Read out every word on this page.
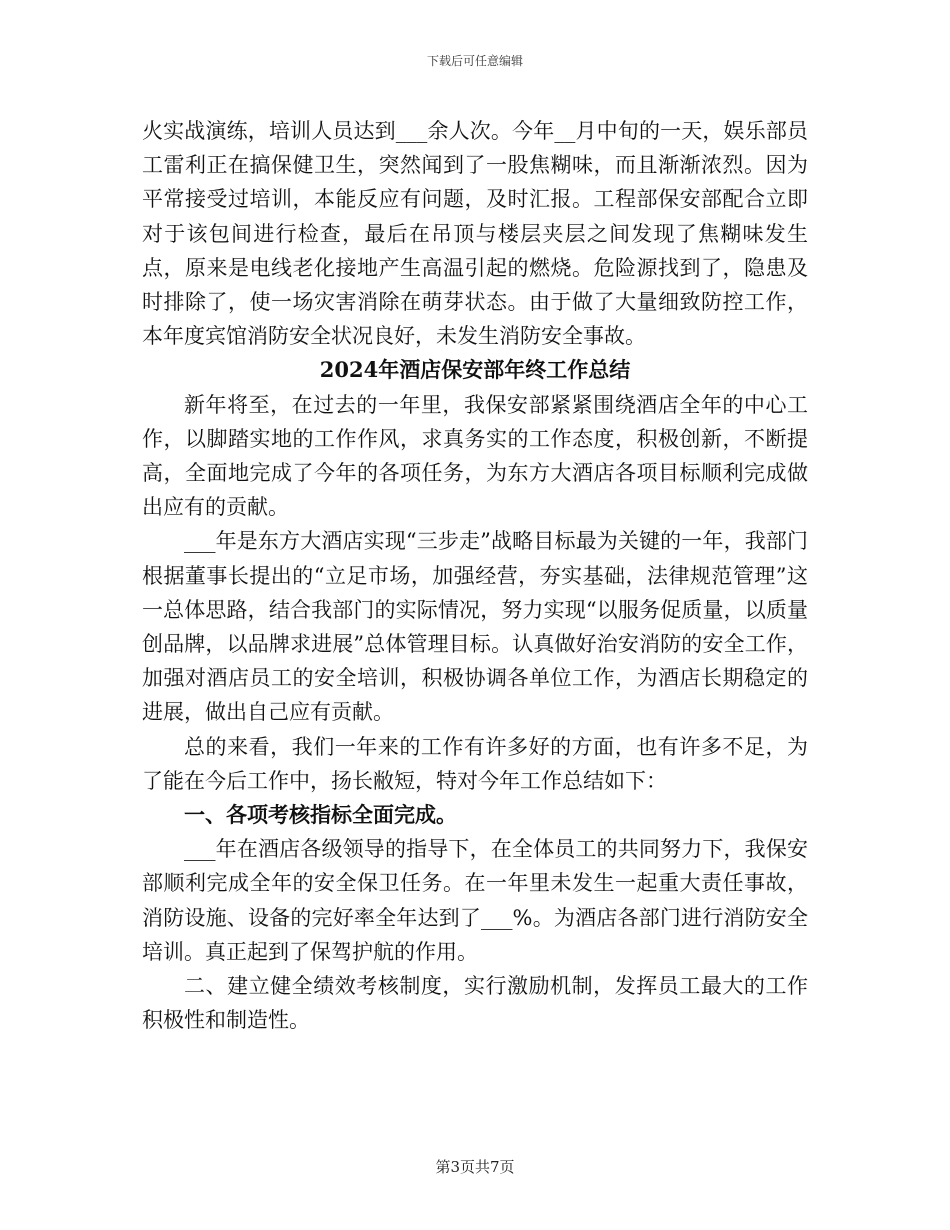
下载后可任意编辑

火实战演练，培训人员达到___余人次。今年__月中旬的一天，娱乐部员工雷利正在搞保健卫生，突然闻到了一股焦糊味，而且渐渐浓烈。因为平常接受过培训，本能反应有问题，及时汇报。工程部保安部配合立即对于该包间进行检查，最后在吊顶与楼层夹层之间发现了焦糊味发生点，原来是电线老化接地产生高温引起的燃烧。危险源找到了，隐患及时排除了，使一场灾害消除在萌芽状态。由于做了大量细致防控工作，本年度宾馆消防安全状况良好，未发生消防安全事故。

2024年酒店保安部年终工作总结

新年将至，在过去的一年里，我保安部紧紧围绕酒店全年的中心工作，以脚踏实地的工作作风，求真务实的工作态度，积极创新，不断提高，全面地完成了今年的各项任务，为东方大酒店各项目标顺利完成做出应有的贡献。

___年是东方大酒店实现“三步走”战略目标最为关键的一年，我部门根据董事长提出的“立足市场，加强经营，夯实基础，法律规范管理”这一总体思路，结合我部门的实际情况，努力实现“以服务促质量，以质量创品牌，以品牌求进展”总体管理目标。认真做好治安消防的安全工作，加强对酒店员工的安全培训，积极协调各单位工作，为酒店长期稳定的进展，做出自己应有贡献。

总的来看，我们一年来的工作有许多好的方面，也有许多不足，为了能在今后工作中，扬长敝短，特对今年工作总结如下：

一、各项考核指标全面完成。

___年在酒店各级领导的指导下，在全体员工的共同努力下，我保安部顺利完成全年的安全保卫任务。在一年里未发生一起重大责任事故，消防设施、设备的完好率全年达到了___%。为酒店各部门进行消防安全培训。真正起到了保驾护航的作用。

二、建立健全绩效考核制度，实行激励机制，发挥员工最大的工作积极性和制造性。

第3页共7页
